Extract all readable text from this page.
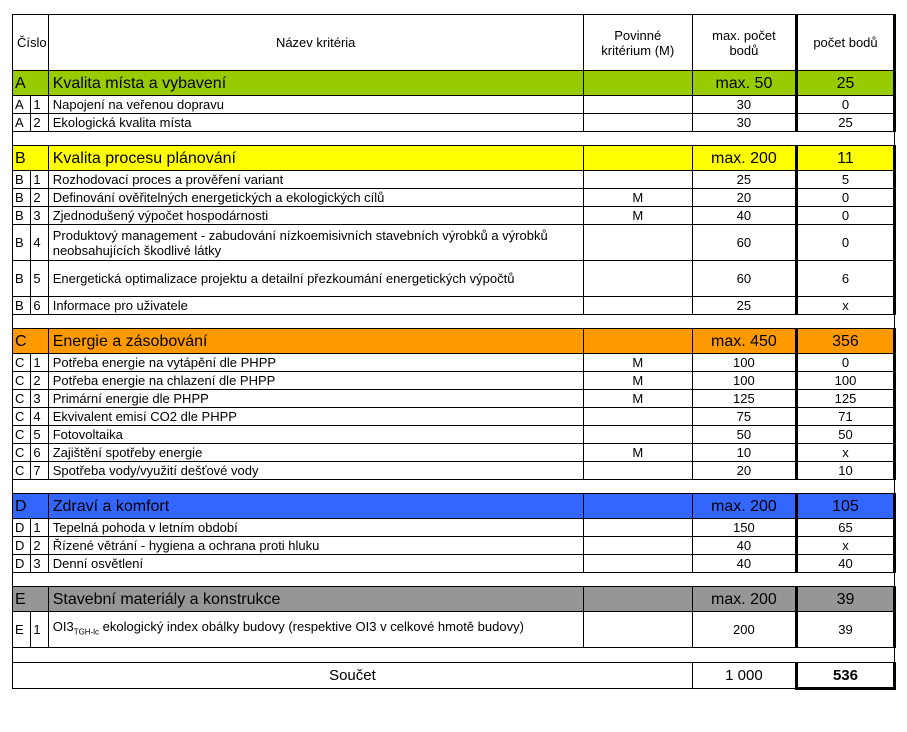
Číslo		Název kritéria	Povinné kritérium (M)	max. počet bodů	počet bodů
A		Kvalita místa a vybavení		max. 50	25
A	1	Napojení na veřenou dopravu		30	0
A	2	Ekologická kvalita místa		30	25

B		Kvalita procesu plánování		max. 200	11
B	1	Rozhodovací proces a prověření variant		25	5
B	2	Definování ověřitelných energetických a ekologických cílů	M	20	0
B	3	Zjednodušený výpočet hospodárnosti	M	40	0
B	4	Produktový management - zabudování nízkoemisivních stavebních výrobků a výrobků neobsahujících škodlivé látky		60	0
B	5	Energetická optimalizace projektu a detailní přezkoumání energetických výpočtů		60	6
B	6	Informace pro uživatele		25	x

C		Energie a zásobování		max. 450	356
C	1	Potřeba energie na vytápění dle PHPP	M	100	0
C	2	Potřeba energie na chlazení dle PHPP	M	100	100
C	3	Primární energie dle PHPP	M	125	125
C	4	Ekvivalent emisí CO2 dle PHPP		75	71
C	5	Fotovoltaika		50	50
C	6	Zajištění spotřeby energie	M	10	x
C	7	Spotřeba vody/využití dešťové vody		20	10

D		Zdraví a komfort		max. 200	105
D	1	Tepelná pohoda v letním období		150	65
D	2	Řízené větrání - hygiena a ochrana proti hluku		40	x
D	3	Denní osvětlení		40	40

E		Stavební materiály a konstrukce		max. 200	39
E	1	$OI3_{TGH-lc}$ ekologický index obálky budovy (respektive OI3 v celkové hmotě budovy)		200	39

Součet				1 000	536
